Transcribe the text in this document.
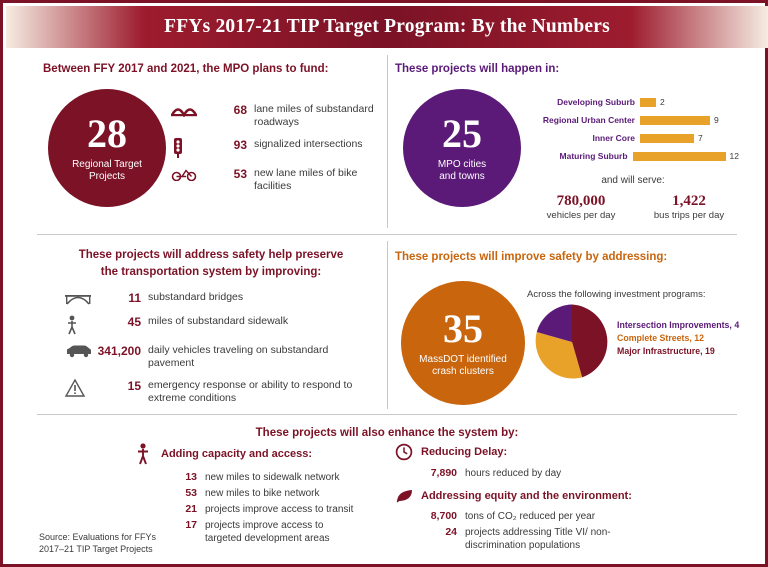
FFYs 2017-21 TIP Target Program: By the Numbers
Between FFY 2017 and 2021, the MPO plans to fund:
28
Regional Target
Projects
68 lane miles of substandard roadways
93 signalized intersections
53 new lane miles of bike facilities
These projects will happen in:
25
MPO cities
and towns
Developing Suburb	2
Regional Urban Center	9
Inner Core	7
Maturing Suburb	12
and will serve:
780,000
vehicles per day
1,422
bus trips per day
These projects will address safety help preserve
the transportation system by improving:
11 substandard bridges
45 miles of substandard sidewalk
341,200 daily vehicles traveling on substandard pavement
15 emergency response or ability to respond to extreme conditions
These projects will improve safety by addressing:
35
MassDOT identified
crash clusters
Across the following investment programs:
Intersection Improvements, 4
Complete Streets, 12
Major Infrastructure, 19
These projects will also enhance the system by:
Adding capacity and access:
13 new miles to sidewalk network
53 new miles to bike network
21 projects improve access to transit
17 projects improve access to targeted development areas
Reducing Delay:
7,890 hours reduced by day
Addressing equity and the environment:
8,700 tons of CO₂ reduced per year
24 projects addressing Title VI/ non-discrimination populations
Source: Evaluations for FFYs
2017–21 TIP Target Projects
